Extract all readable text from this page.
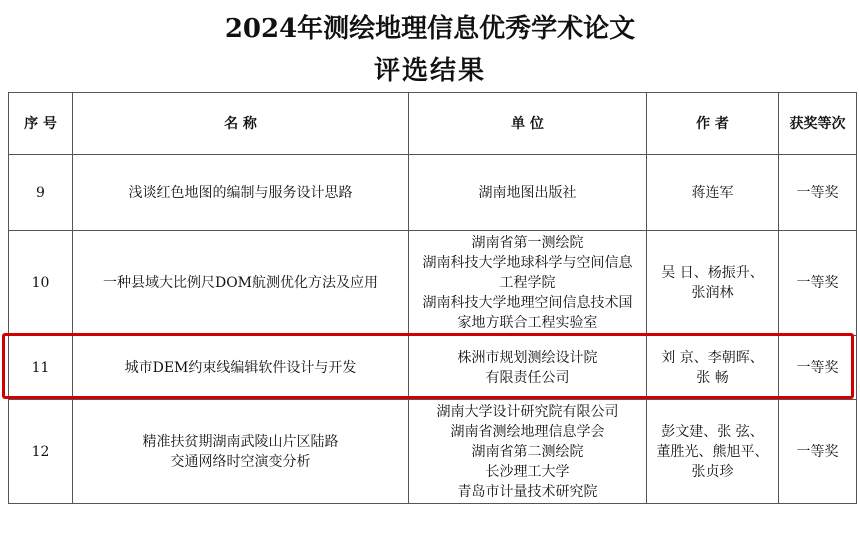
2024年测绘地理信息优秀学术论文
评选结果
序 号	名 称	单 位	作 者	获奖等次
9	浅谈红色地图的编制与服务设计思路	湖南地图出版社	蒋连军	一等奖
10	一种县域大比例尺DOM航测优化方法及应用	湖南省第一测绘院
湖南科技大学地球科学与空间信息
工程学院
湖南科技大学地理空间信息技术国
家地方联合工程实验室	吴 日、杨振升、
张润林	一等奖
11	城市DEM约束线编辑软件设计与开发	株洲市规划测绘设计院
有限责任公司	刘 京、李朝晖、
张 畅	一等奖
12	精准扶贫期湖南武陵山片区陆路
交通网络时空演变分析	湖南大学设计研究院有限公司
湖南省测绘地理信息学会
湖南省第二测绘院
长沙理工大学
青岛市计量技术研究院	彭文建、张 弦、
董胜光、熊旭平、
张贞珍	一等奖
